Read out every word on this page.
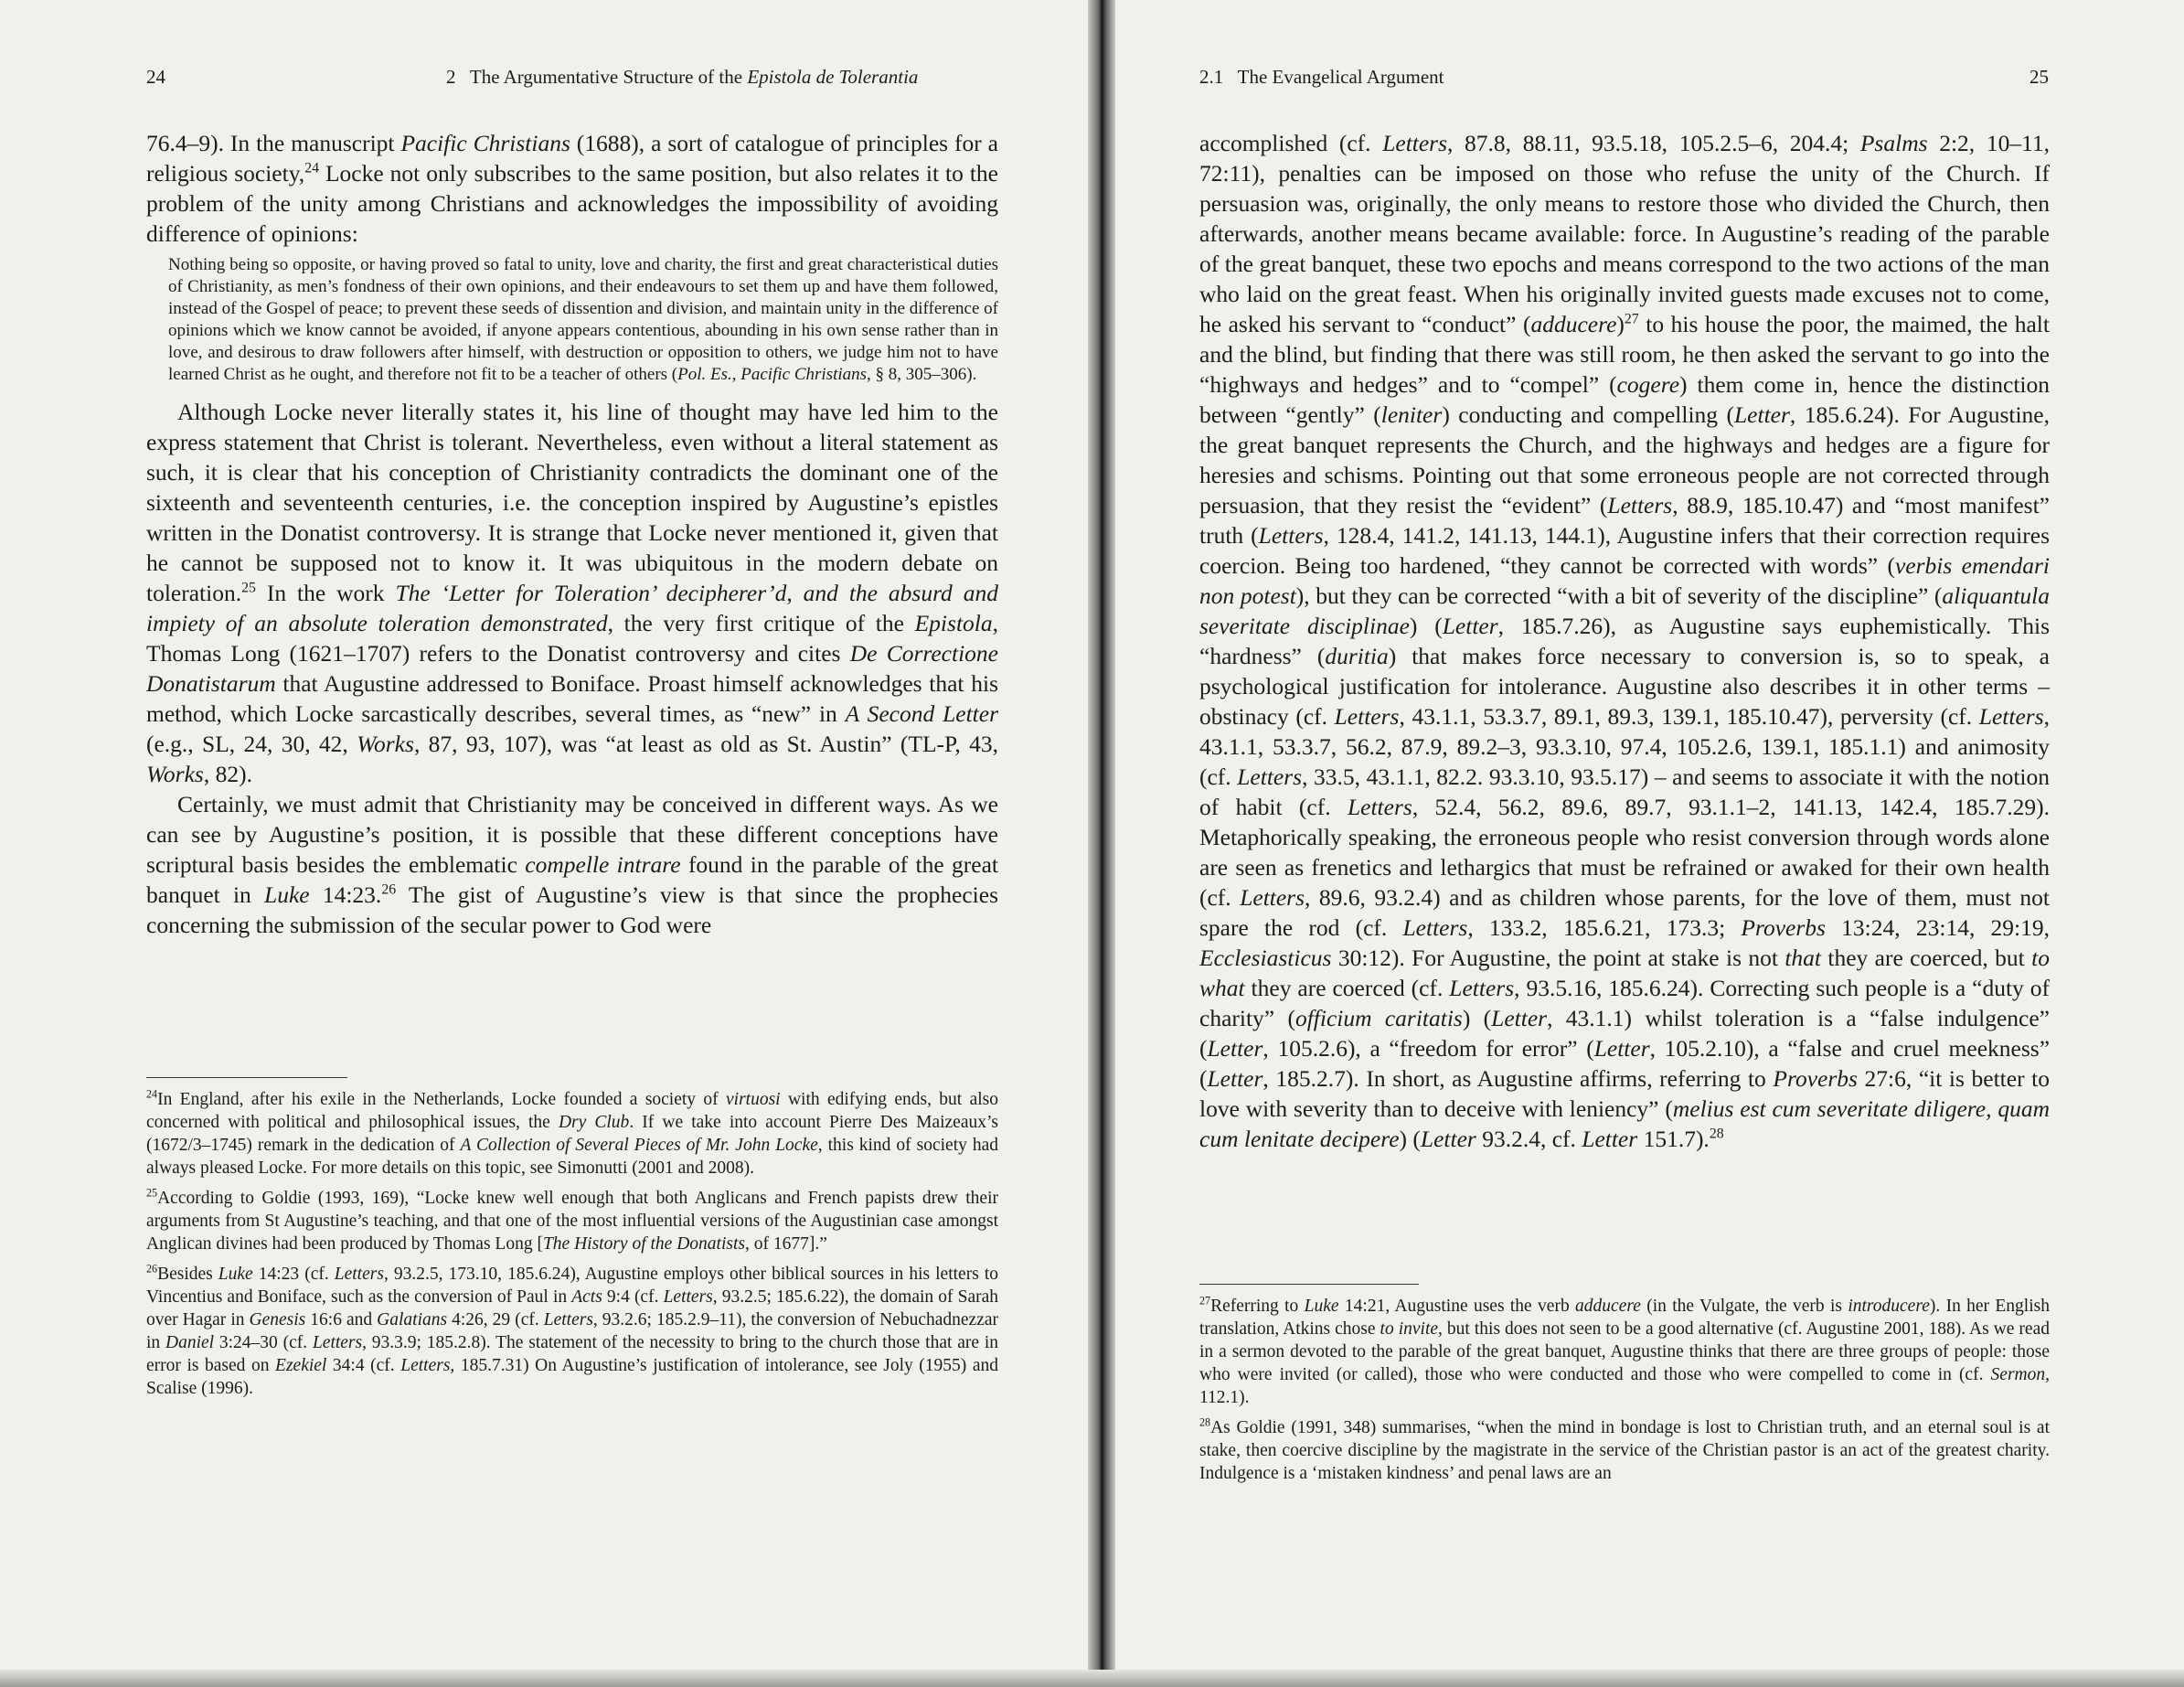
24	2 The Argumentative Structure of the Epistola de Tolerantia

76.4–9). In the manuscript Pacific Christians (1688), a sort of catalogue of principles for a religious society,$^{24}$ Locke not only subscribes to the same position, but also relates it to the problem of the unity among Christians and acknowledges the impossibility of avoiding difference of opinions:

Nothing being so opposite, or having proved so fatal to unity, love and charity, the first and great characteristical duties of Christianity, as men’s fondness of their own opinions, and their endeavours to set them up and have them followed, instead of the Gospel of peace; to prevent these seeds of dissention and division, and maintain unity in the difference of opinions which we know cannot be avoided, if anyone appears contentious, abounding in his own sense rather than in love, and desirous to draw followers after himself, with destruction or opposition to others, we judge him not to have learned Christ as he ought, and therefore not fit to be a teacher of others (Pol. Es., Pacific Christians, § 8, 305–306).

Although Locke never literally states it, his line of thought may have led him to the express statement that Christ is tolerant. Nevertheless, even without a literal statement as such, it is clear that his conception of Christianity contradicts the dominant one of the sixteenth and seventeenth centuries, i.e. the conception inspired by Augustine’s epistles written in the Donatist controversy. It is strange that Locke never mentioned it, given that he cannot be supposed not to know it. It was ubiquitous in the modern debate on toleration.$^{25}$ In the work The ‘Letter for Toleration’ decipherer’d, and the absurd and impiety of an absolute toleration demonstrated, the very first critique of the Epistola, Thomas Long (1621–1707) refers to the Donatist controversy and cites De Correctione Donatistarum that Augustine addressed to Boniface. Proast himself acknowledges that his method, which Locke sarcastically describes, several times, as “new” in A Second Letter (e.g., SL, 24, 30, 42, Works, 87, 93, 107), was “at least as old as St. Austin” (TL-P, 43, Works, 82).

Certainly, we must admit that Christianity may be conceived in different ways. As we can see by Augustine’s position, it is possible that these different conceptions have scriptural basis besides the emblematic compelle intrare found in the parable of the great banquet in Luke 14:23.26 The gist of Augustine’s view is that since the prophecies concerning the submission of the secular power to God were

$^{24}$In England, after his exile in the Netherlands, Locke founded a society of virtuosi with edifying ends, but also concerned with political and philosophical issues, the Dry Club. If we take into account Pierre Des Maizeaux’s (1672/3–1745) remark in the dedication of A Collection of Several Pieces of Mr. John Locke, this kind of society had always pleased Locke. For more details on this topic, see Simonutti (2001 and 2008).

$^{25}$According to Goldie (1993, 169), “Locke knew well enough that both Anglicans and French papists drew their arguments from St Augustine’s teaching, and that one of the most influential versions of the Augustinian case amongst Anglican divines had been produced by Thomas Long [The History of the Donatists, of 1677].”

$^{26}$Besides Luke 14:23 (cf. Letters, 93.2.5, 173.10, 185.6.24), Augustine employs other biblical sources in his letters to Vincentius and Boniface, such as the conversion of Paul in Acts 9:4 (cf. Letters, 93.2.5; 185.6.22), the domain of Sarah over Hagar in Genesis 16:6 and Galatians 4:26, 29 (cf. Letters, 93.2.6; 185.2.9–11), the conversion of Nebuchadnezzar in Daniel 3:24–30 (cf. Letters, 93.3.9; 185.2.8). The statement of the necessity to bring to the church those that are in error is based on Ezekiel 34:4 (cf. Letters, 185.7.31) On Augustine’s justification of intolerance, see Joly (1955) and Scalise (1996).

2.1   The Evangelical Argument	25

accomplished (cf. Letters, 87.8, 88.11, 93.5.18, 105.2.5–6, 204.4; Psalms 2:2, 10–11, 72:11), penalties can be imposed on those who refuse the unity of the Church. If persuasion was, originally, the only means to restore those who divided the Church, then afterwards, another means became available: force. In Augustine’s reading of the parable of the great banquet, these two epochs and means correspond to the two actions of the man who laid on the great feast. When his originally invited guests made excuses not to come, he asked his servant to “conduct” (adducere)$^{27}$ to his house the poor, the maimed, the halt and the blind, but finding that there was still room, he then asked the servant to go into the “highways and hedges” and to “compel” (cogere) them come in, hence the distinction between “gently” (leniter) conducting and compelling (Letter, 185.6.24). For Augustine, the great banquet represents the Church, and the highways and hedges are a figure for heresies and schisms. Pointing out that some erroneous people are not corrected through persuasion, that they resist the “evident” (Letters, 88.9, 185.10.47) and “most manifest” truth (Letters, 128.4, 141.2, 141.13, 144.1), Augustine infers that their correction requires coercion. Being too hardened, “they cannot be corrected with words” (verbis emendari non potest), but they can be corrected “with a bit of severity of the discipline” (aliquantula severitate disciplinae) (Letter, 185.7.26), as Augustine says euphemistically. This “hardness” (duritia) that makes force necessary to conversion is, so to speak, a psychological justification for intolerance. Augustine also describes it in other terms – obstinacy (cf. Letters, 43.1.1, 53.3.7, 89.1, 89.3, 139.1, 185.10.47), perversity (cf. Letters, 43.1.1, 53.3.7, 56.2, 87.9, 89.2–3, 93.3.10, 97.4, 105.2.6, 139.1, 185.1.1) and animosity (cf. Letters, 33.5, 43.1.1, 82.2. 93.3.10, 93.5.17) – and seems to associate it with the notion of habit (cf. Letters, 52.4, 56.2, 89.6, 89.7, 93.1.1–2, 141.13, 142.4, 185.7.29). Metaphorically speaking, the erroneous people who resist conversion through words alone are seen as frenetics and lethargics that must be refrained or awaked for their own health (cf. Letters, 89.6, 93.2.4) and as children whose parents, for the love of them, must not spare the rod (cf. Letters, 133.2, 185.6.21, 173.3; Proverbs 13:24, 23:14, 29:19, Ecclesiasticus 30:12). For Augustine, the point at stake is not that they are coerced, but to what they are coerced (cf. Letters, 93.5.16, 185.6.24). Correcting such people is a “duty of charity” (officium caritatis) (Letter, 43.1.1) whilst toleration is a “false indulgence” (Letter, 105.2.6), a “freedom for error” (Letter, 105.2.10), a “false and cruel meekness” (Letter, 185.2.7). In short, as Augustine affirms, referring to Proverbs 27:6, “it is better to love with severity than to deceive with leniency” (melius est cum severitate diligere, quam cum lenitate decipere) (Letter 93.2.4, cf. Letter 151.7).$^{28}$

$^{27}$Referring to Luke 14:21, Augustine uses the verb adducere (in the Vulgate, the verb is introducere). In her English translation, Atkins chose to invite, but this does not seen to be a good alternative (cf. Augustine 2001, 188). As we read in a sermon devoted to the parable of the great banquet, Augustine thinks that there are three groups of people: those who were invited (or called), those who were conducted and those who were compelled to come in (cf. Sermon, 112.1).

$^{28}$As Goldie (1991, 348) summarises, “when the mind in bondage is lost to Christian truth, and an eternal soul is at stake, then coercive discipline by the magistrate in the service of the Christian pastor is an act of the greatest charity. Indulgence is a ‘mistaken kindness’ and penal laws are an
